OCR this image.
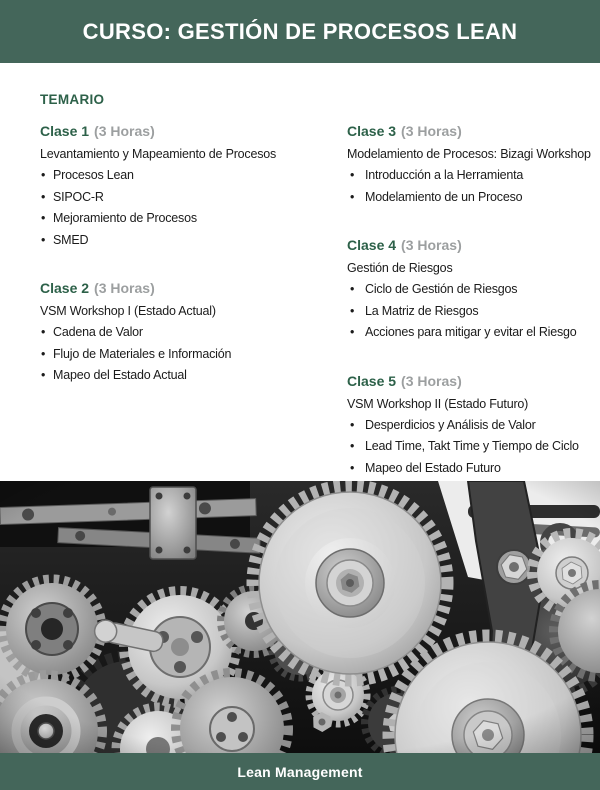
CURSO: GESTIÓN DE PROCESOS LEAN
TEMARIO
Clase 1 (3 Horas)
Levantamiento y Mapeamiento de Procesos
• Procesos Lean
• SIPOC-R
• Mejoramiento de Procesos
• SMED
Clase 2 (3 Horas)
VSM Workshop I (Estado Actual)
• Cadena de Valor
• Flujo de Materiales e Información
• Mapeo del Estado Actual
Clase 3 (3 Horas)
Modelamiento de Procesos: Bizagi Workshop
• Introducción a la Herramienta
• Modelamiento de un Proceso
Clase 4 (3 Horas)
Gestión de Riesgos
• Ciclo de Gestión de Riesgos
• La Matriz de Riesgos
• Acciones para mitigar y evitar el Riesgo
Clase 5 (3 Horas)
VSM Workshop II (Estado Futuro)
• Desperdicios y Análisis de Valor
• Lead Time, Takt Time y Tiempo de Ciclo
• Mapeo del Estado Futuro
Lean Management
